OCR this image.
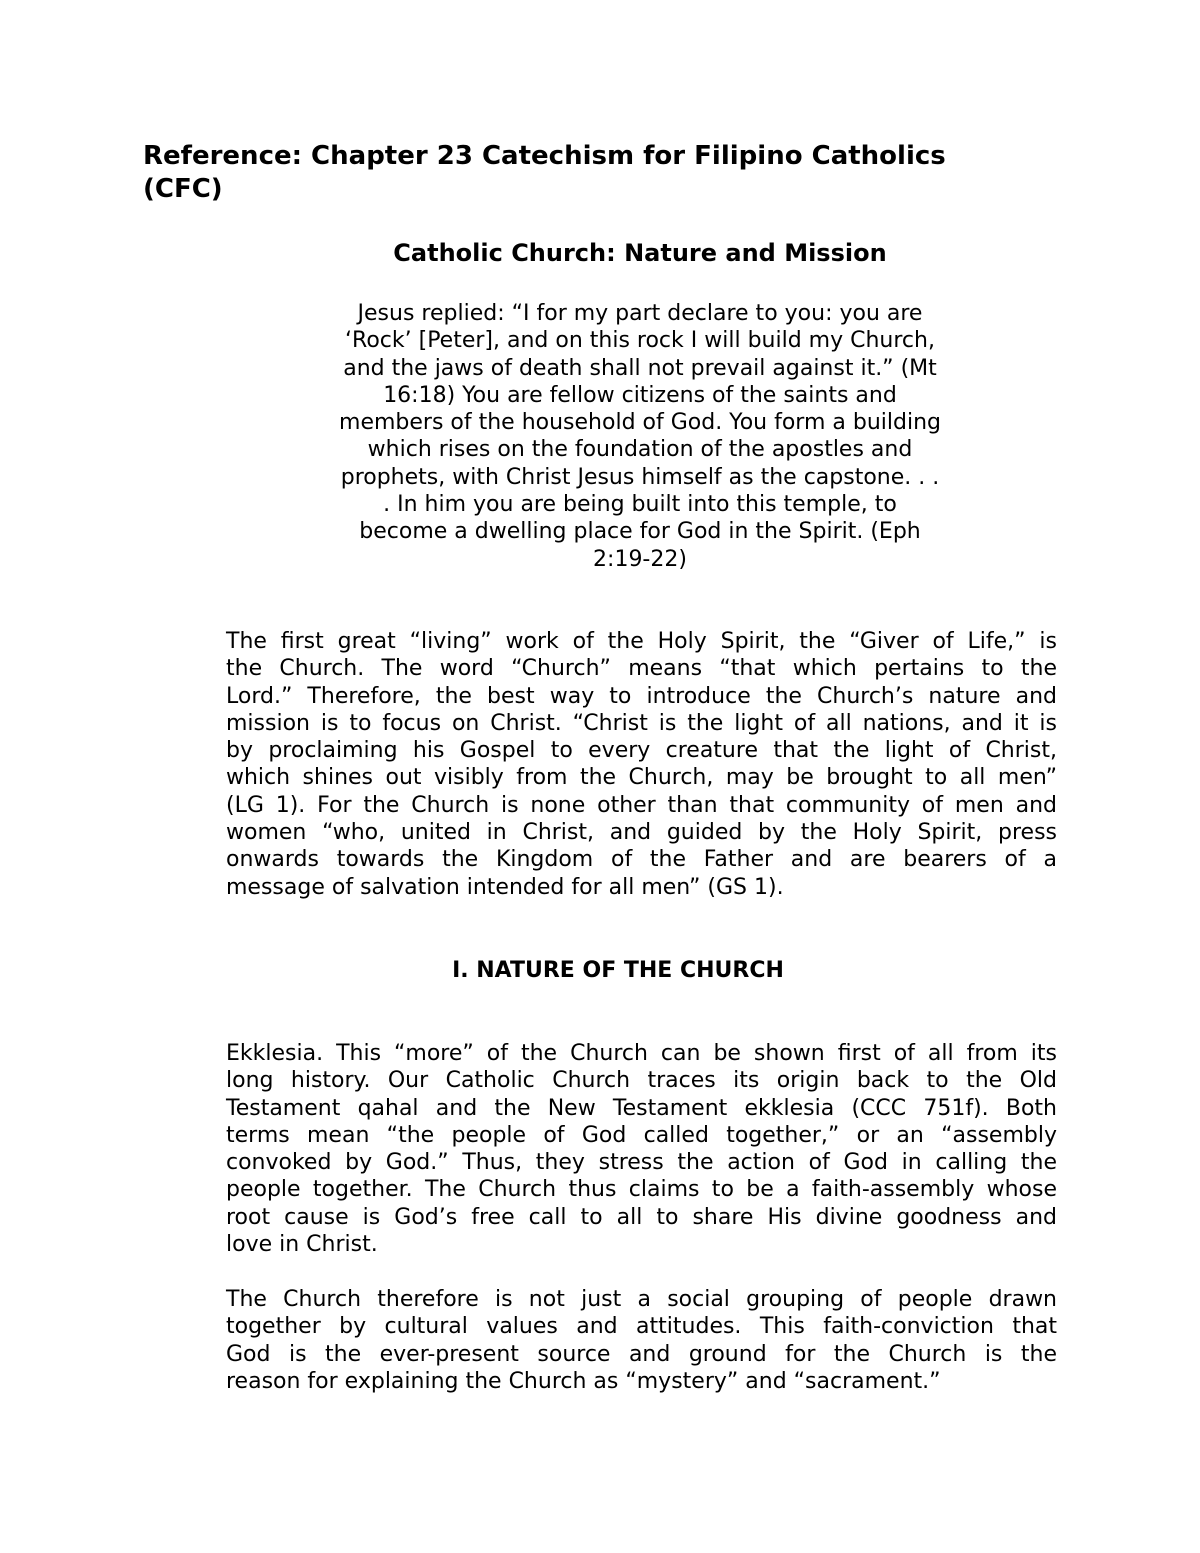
Reference: Chapter 23 Catechism for Filipino Catholics
(CFC)
Catholic Church: Nature and Mission
Jesus replied: “I for my part declare to you: you are
‘Rock’ [Peter], and on this rock I will build my Church,
and the jaws of death shall not prevail against it.” (Mt
16:18) You are fellow citizens of the saints and
members of the household of God. You form a building
which rises on the foundation of the apostles and
prophets, with Christ Jesus himself as the capstone. . .
. In him you are being built into this temple, to
become a dwelling place for God in the Spirit. (Eph
2:19-22)

The first great “living” work of the Holy Spirit, the “Giver of Life,” is
the Church. The word “Church” means “that which pertains to the
Lord.” Therefore, the best way to introduce the Church’s nature and
mission is to focus on Christ. “Christ is the light of all nations, and it is
by proclaiming his Gospel to every creature that the light of Christ,
which shines out visibly from the Church, may be brought to all men”
(LG 1). For the Church is none other than that community of men and
women “who, united in Christ, and guided by the Holy Spirit, press
onwards towards the Kingdom of the Father and are bearers of a
message of salvation intended for all men” (GS 1).

I. NATURE OF THE CHURCH

Ekklesia. This “more” of the Church can be shown first of all from its
long history. Our Catholic Church traces its origin back to the Old
Testament qahal and the New Testament ekklesia (CCC 751f). Both
terms mean “the people of God called together,” or an “assembly
convoked by God.” Thus, they stress the action of God in calling the
people together. The Church thus claims to be a faith-assembly whose
root cause is God’s free call to all to share His divine goodness and
love in Christ.

The Church therefore is not just a social grouping of people drawn
together by cultural values and attitudes. This faith-conviction that
God is the ever-present source and ground for the Church is the
reason for explaining the Church as “mystery” and “sacrament.”
